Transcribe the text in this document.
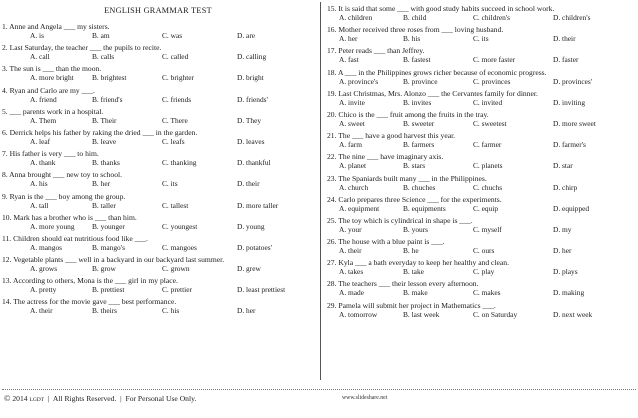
ENGLISH GRAMMAR TEST
1. Anne and Angela ___ my sisters.
A. is	B. am	C. was	D. are
2. Last Saturday, the teacher ___ the pupils to recite.
A. call	B. calls	C. called	D. calling
3. The sun is ___ than the moon.
A. more bright B. brightest	C. brighter	D. bright
4. Ryan and Carlo are my ___.
A. friend	B. friend's	C. friends	D. friends'
5. ___ parents work in a hospital.
A. Them	B. Their	C. There	D. They
6. Derrick helps his father by raking the dried ___ in the garden.
A. leaf	B. leave	C. leafs	D. leaves
7. His father is very ___ to him.
A. thank	B. thanks	C. thanking	D. thankful
8. Anna brought ___ new toy to school.
A. his	B. her	C. its	D. their
9. Ryan is the ___ boy among the group.
A. tall	B. taller	C. tallest	D. more taller
10. Mark has a brother who is ___ than him.
A. more young B. younger	C. youngest	D. young
11. Children should eat nutritious food like ___.
A. mangos	B. mango's	C. mangoes	D. potatoes'
12. Vegetable plants ___ well in a backyard in our backyard last summer.
A. grows	B. grow	C. grown	D. grew
13. According to others, Mona is the ___ girl in my place.
A. pretty	B. prettiest	C. prettier	D. least prettiest
14. The actress for the movie gave ___ best performance.
A. their	B. theirs	C. his	D. her
15. It is said that some ___ with good study habits succeed in school work.
A. children	B. child	C. children's	D. children's
16. Mother received three roses from ___ loving husband.
A. her	B. his	C. its	D. their
17. Peter reads ___ than Jeffrey.
A. fast	B. fastest	C. more faster	D. faster
18. A ___ in the Philippines grows richer because of economic progress.
A. province's	B. province	C. provinces	D. provinces'
19. Last Christmas, Mrs. Alonzo ___ the Cervantes family for dinner.
A. invite	B. invites	C. invited	D. inviting
20. Chico is the ___ fruit among the fruits in the tray.
A. sweet	B. sweeter	C. sweetest	D. more sweet
21. The ___ have a good harvest this year.
A. farm	B. farmers	C. farmer	D. farmer's
22. The nine ___ have imaginary axis.
A. planet	B. stars	C. planets	D. star
23. The Spaniards built many ___ in the Philippines.
A. church	B. chuches	C. chuchs	D. chirp
24. Carlo prepares three Science ___ for the experiments.
A. equipment	B. equipments	C. equip	D. equipped
25. The toy which is cylindrical in shape is ___.
A. your	B. yours	C. myself	D. my
26. The house with a blue paint is ___.
A. their	B. he	C. ours	D. her
27. Kyla ___ a bath everyday to keep her healthy and clean.
A. takes	B. take	C. play	D. plays
28. The teachers ___ their lesson every afternoon.
A. made	B. make	C. makes	D. making
29. Pamela will submit her project in Mathematics ___.
A. tomorrow	B. last week	C. on Saturday	D. next week
© 2014 LGDT | All Rights Reserved. | For Personal Use Only.	www.slideshare.net
